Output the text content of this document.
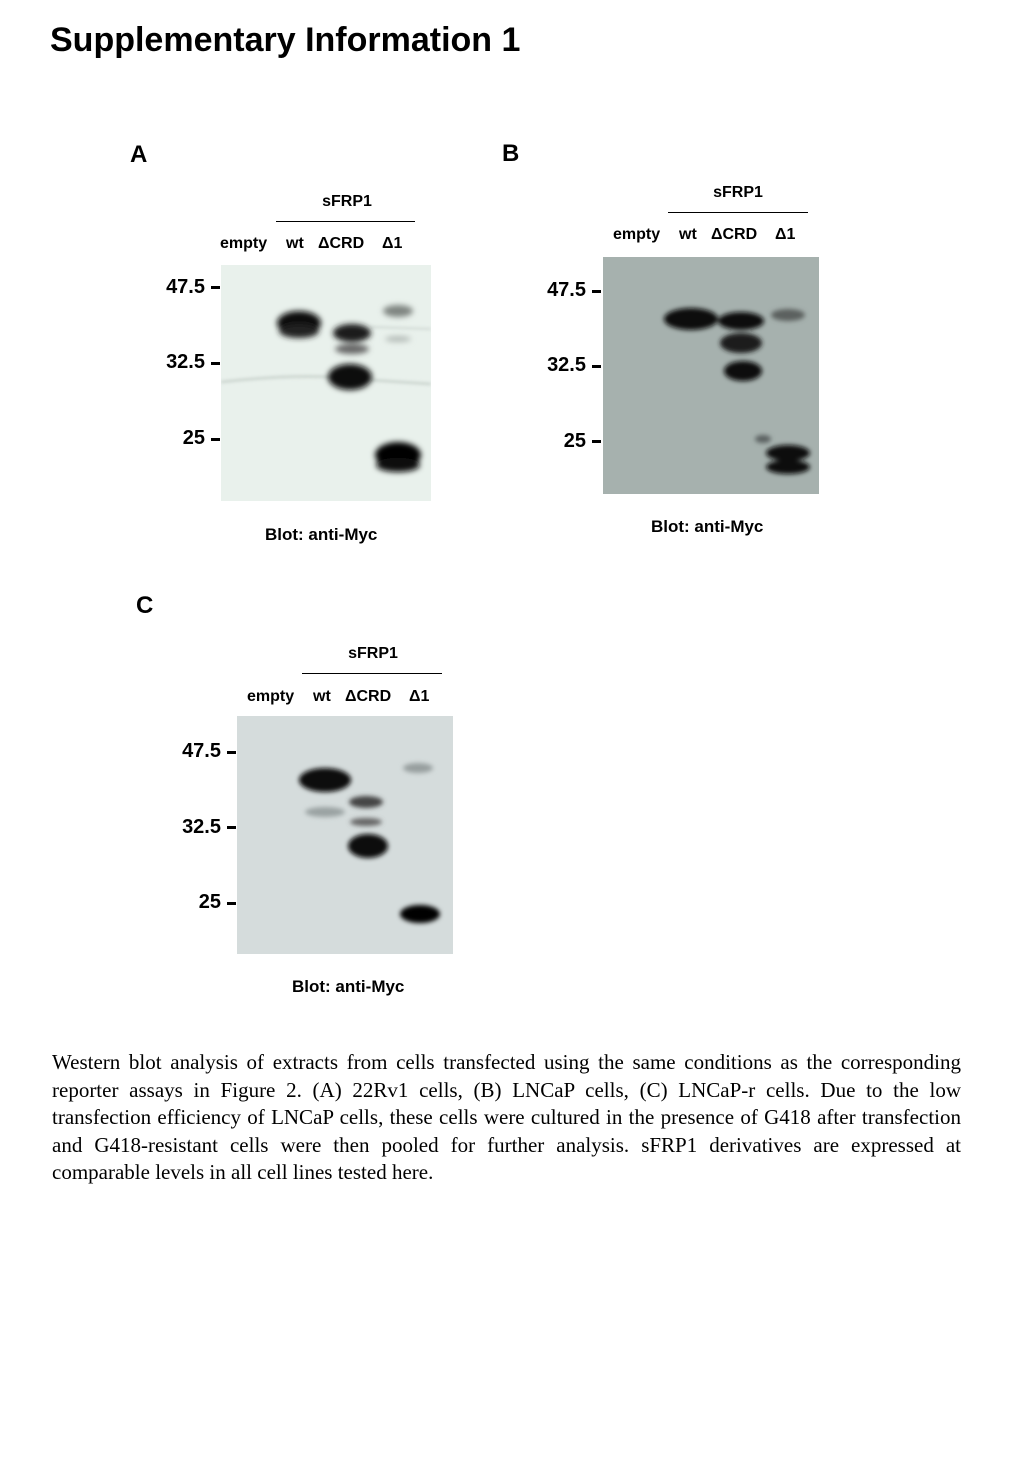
Supplementary Information 1
A
sFRP1
empty wt ΔCRD Δ1
47.5
32.5
25
Blot: anti-Myc
B
sFRP1
empty wt ΔCRD Δ1
47.5
32.5
25
Blot: anti-Myc
C
sFRP1
empty wt ΔCRD Δ1
47.5
32.5
25
Blot: anti-Myc
Western blot analysis of extracts from cells transfected using the same conditions as the corresponding reporter assays in Figure 2. (A) 22Rv1 cells, (B) LNCaP cells, (C) LNCaP-r cells. Due to the low transfection efficiency of LNCaP cells, these cells were cultured in the presence of G418 after transfection and G418-resistant cells were then pooled for further analysis. sFRP1 derivatives are expressed at comparable levels in all cell lines tested here.
